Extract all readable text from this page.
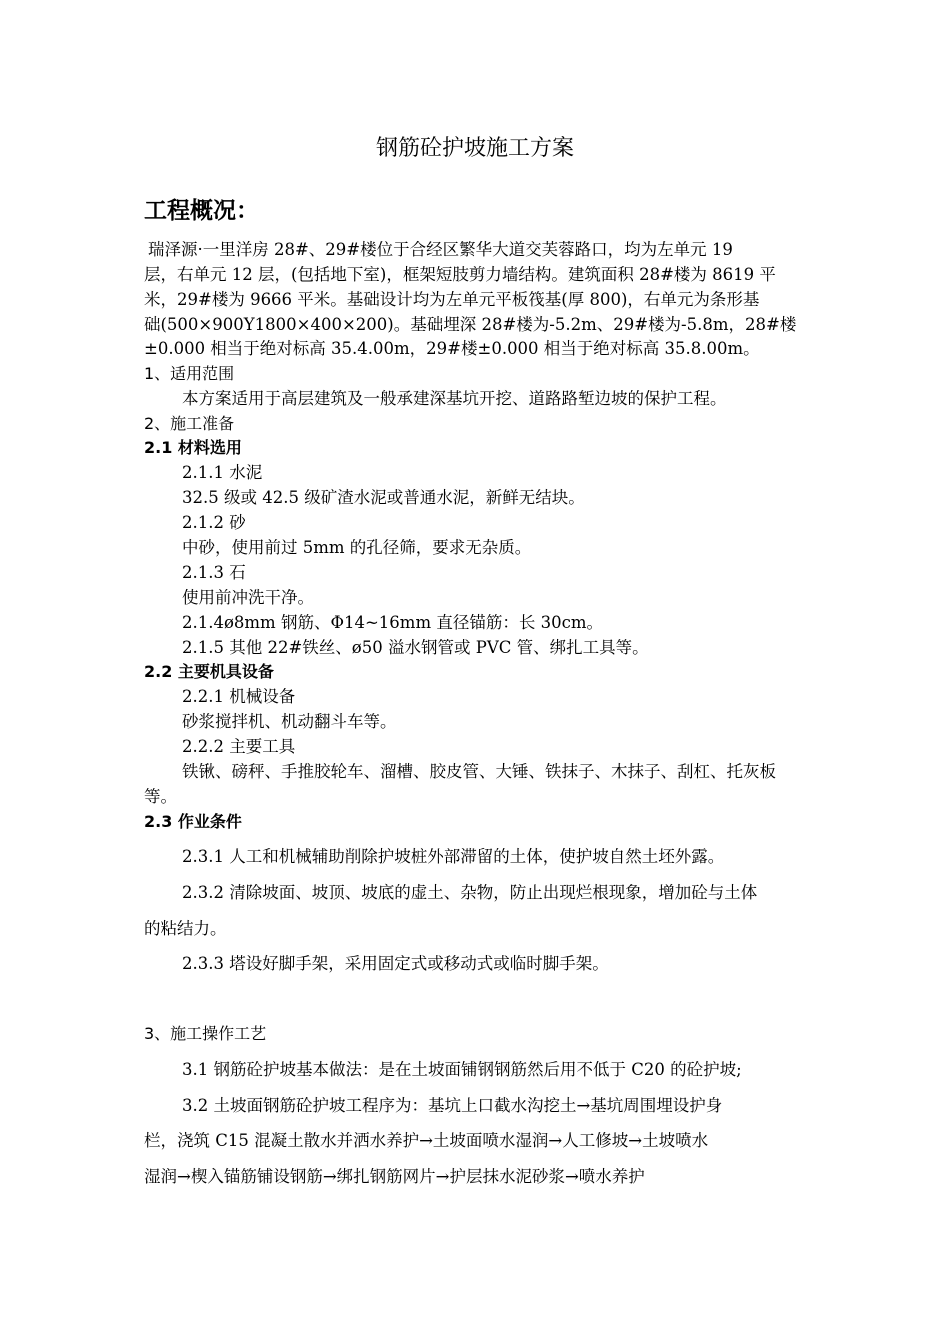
钢筋砼护坡施工方案
工程概况：
瑞泽源·一里洋房 28#、29#楼位于合经区繁华大道交芙蓉路口，均为左单元 19
层，右单元 12 层，(包括地下室)，框架短肢剪力墙结构。建筑面积 28#楼为 8619 平
米，29#楼为 9666 平米。基础设计均为左单元平板筏基(厚 800)，右单元为条形基
础(500×900Y1800×400×200)。基础埋深 28#楼为-5.2m、29#楼为-5.8m，28#楼
±0.000 相当于绝对标高 35.4.00m，29#楼±0.000 相当于绝对标高 35.8.00m。
1、适用范围
本方案适用于高层建筑及一般承建深基坑开挖、道路路堑边坡的保护工程。
2、施工准备
2.1 材料选用
2.1.1 水泥
32.5 级或 42.5 级矿渣水泥或普通水泥，新鲜无结块。
2.1.2 砂
中砂，使用前过 5mm 的孔径筛，要求无杂质。
2.1.3 石
使用前冲洗干净。
2.1.4ø8mm 钢筋、Φ14~16mm 直径锚筋：长 30cm。
2.1.5 其他 22#铁丝、ø50 溢水钢管或 PVC 管、绑扎工具等。
2.2 主要机具设备
2.2.1 机械设备
砂浆搅拌机、机动翻斗车等。
2.2.2 主要工具
铁锹、磅秤、手推胶轮车、溜槽、胶皮管、大锤、铁抹子、木抹子、刮杠、托灰板
等。
2.3 作业条件
2.3.1 人工和机械辅助削除护坡桩外部滞留的土体，使护坡自然土坯外露。
2.3.2 清除坡面、坡顶、坡底的虚土、杂物，防止出现烂根现象，增加砼与土体
的粘结力。
2.3.3 塔设好脚手架，采用固定式或移动式或临时脚手架。
3、施工操作工艺
3.1 钢筋砼护坡基本做法：是在土坡面铺钢钢筋然后用不低于 C20 的砼护坡;
3.2 土坡面钢筋砼护坡工程序为：基坑上口截水沟挖土→基坑周围埋设护身
栏，浇筑 C15 混凝土散水并洒水养护→土坡面喷水湿润→人工修坡→土坡喷水
湿润→楔入锚筋铺设钢筋→绑扎钢筋网片→护层抹水泥砂浆→喷水养护
